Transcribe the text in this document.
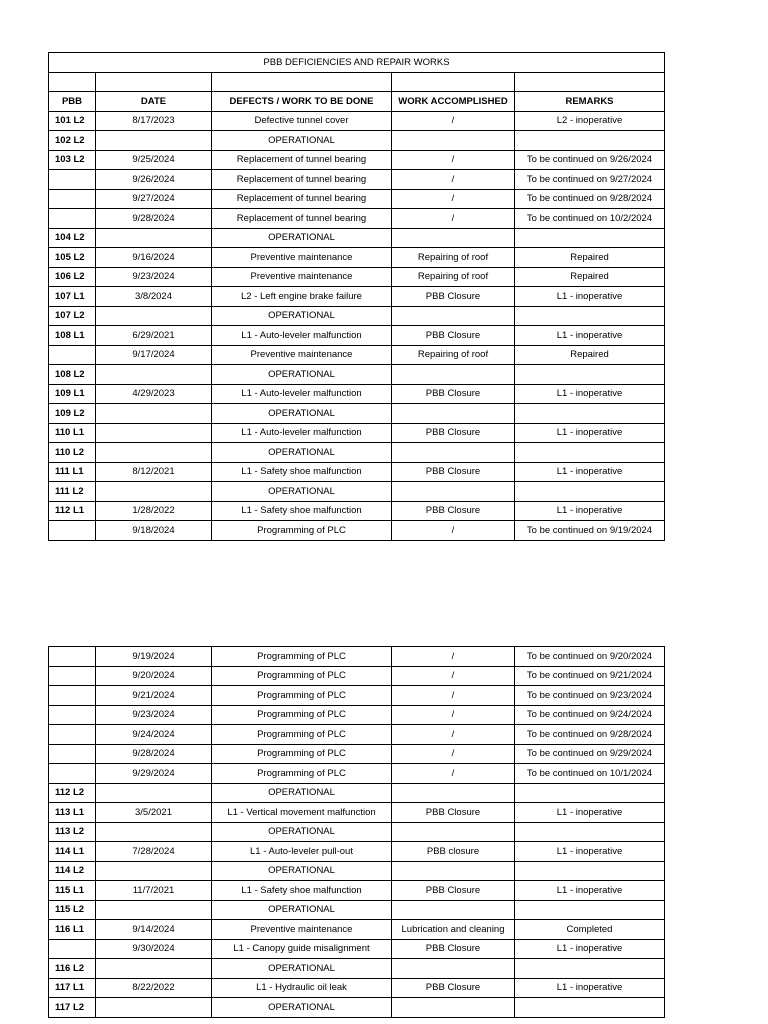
PBB DEFICIENCIES AND REPAIR WORKS				

PBB	DATE	DEFECTS / WORK TO BE DONE	WORK ACCOMPLISHED	REMARKS
101 L2	8/17/2023	Defective tunnel cover	/	L2 - inoperative
102 L2		OPERATIONAL		
103 L2	9/25/2024	Replacement of tunnel bearing	/	To be continued on 9/26/2024
	9/26/2024	Replacement of tunnel bearing	/	To be continued on 9/27/2024
	9/27/2024	Replacement of tunnel bearing	/	To be continued on 9/28/2024
	9/28/2024	Replacement of tunnel bearing	/	To be continued on 10/2/2024
104 L2		OPERATIONAL		
105 L2	9/16/2024	Preventive maintenance	Repairing of roof	Repaired
106 L2	9/23/2024	Preventive maintenance	Repairing of roof	Repaired
107 L1	3/8/2024	L2 - Left engine brake failure	PBB Closure	L1 - inoperative
107 L2		OPERATIONAL		
108 L1	6/29/2021	L1 - Auto-leveler malfunction	PBB Closure	L1 - inoperative
	9/17/2024	Preventive maintenance	Repairing of roof	Repaired
108 L2		OPERATIONAL		
109 L1	4/29/2023	L1 - Auto-leveler malfunction	PBB Closure	L1 - inoperative
109 L2		OPERATIONAL		
110 L1		L1 - Auto-leveler malfunction	PBB Closure	L1 - inoperative
110 L2		OPERATIONAL		
111 L1	8/12/2021	L1 - Safety shoe malfunction	PBB Closure	L1 - inoperative
111 L2		OPERATIONAL		
112 L1	1/28/2022	L1 - Safety shoe malfunction	PBB Closure	L1 - inoperative
	9/18/2024	Programming of PLC	/	To be continued on 9/19/2024
	9/19/2024	Programming of PLC	/	To be continued on 9/20/2024
	9/20/2024	Programming of PLC	/	To be continued on 9/21/2024
	9/21/2024	Programming of PLC	/	To be continued on 9/23/2024
	9/23/2024	Programming of PLC	/	To be continued on 9/24/2024
	9/24/2024	Programming of PLC	/	To be continued on 9/28/2024
	9/28/2024	Programming of PLC	/	To be continued on 9/29/2024
	9/29/2024	Programming of PLC	/	To be continued on 10/1/2024
112 L2		OPERATIONAL		
113 L1	3/5/2021	L1 - Vertical movement malfunction	PBB Closure	L1 - inoperative
113 L2		OPERATIONAL		
114 L1	7/28/2024	L1 - Auto-leveler pull-out	PBB closure	L1 - inoperative
114 L2		OPERATIONAL		
115 L1	11/7/2021	L1 - Safety shoe malfunction	PBB Closure	L1 - inoperative
115 L2		OPERATIONAL		
116 L1	9/14/2024	Preventive maintenance	Lubrication and cleaning	Completed
	9/30/2024	L1 - Canopy guide misalignment	PBB Closure	L1 - inoperative
116 L2		OPERATIONAL		
117 L1	8/22/2022	L1 - Hydraulic oil leak	PBB Closure	L1 - inoperative
117 L2		OPERATIONAL		
